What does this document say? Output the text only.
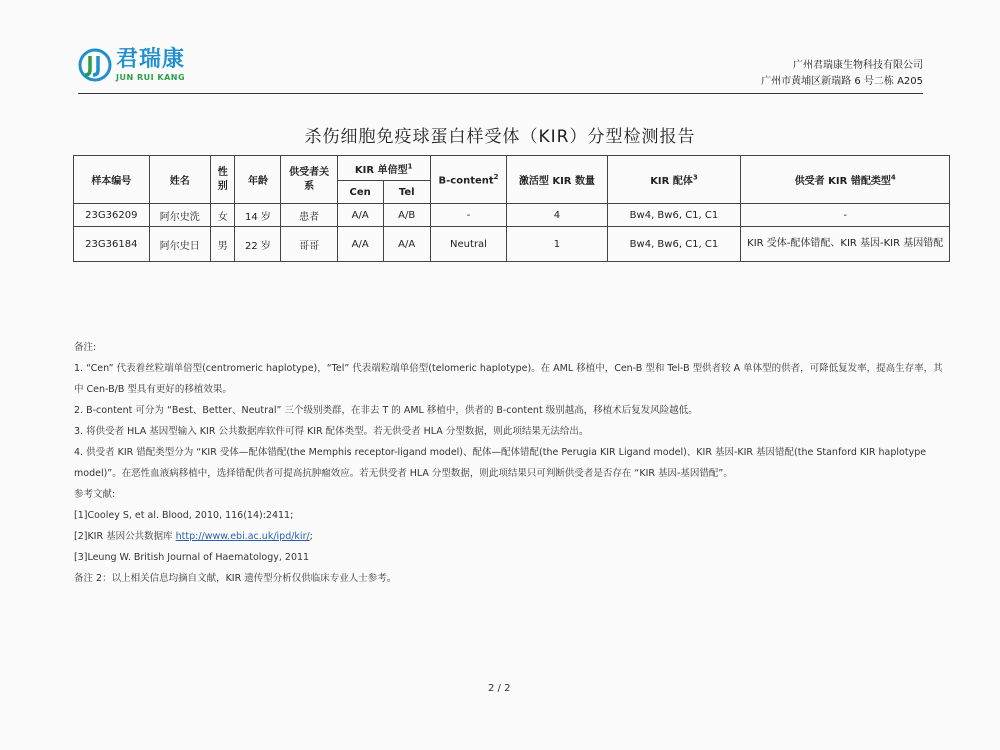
君瑞康
JUN RUI KANG
广州君瑞康生物科技有限公司
广州市黄埔区新瑞路 6 号二栋 A205
杀伤细胞免疫球蛋白样受体（KIR）分型检测报告
样本编号	姓名	性别	年龄	供受者关系	KIR 单倍型$^1$		B-content$^2$	激活型 KIR 数量	KIR 配体$^3$	供受者 KIR 错配类型$^4$
					Cen	Tel				
23G36209	阿尔史洗	女	14 岁	患者	A/A	A/B	-	4	Bw4, Bw6, C1, C1	-
23G36184	阿尔史日	男	22 岁	哥哥	A/A	A/A	Neutral	1	Bw4, Bw6, C1, C1	KIR 受体-配体错配、KIR 基因-KIR 基因错配

备注:

1. “Cen” 代表着丝粒端单倍型(centromeric haplotype)，“Tel” 代表端粒端单倍型(telomeric haplotype)。在 AML 移植中，Cen-B 型和 Tel-B 型供者较 A 单体型的供者，可降低复发率，提高生存率，其中 Cen-B/B 型具有更好的移植效果。

2. B-content 可分为 “Best、Better、Neutral” 三个级别类群，在非去 T 的 AML 移植中，供者的 B-content 级别越高，移植术后复发风险越低。

3. 将供受者 HLA 基因型输入 KIR 公共数据库软件可得 KIR 配体类型。若无供受者 HLA 分型数据，则此项结果无法给出。

4. 供受者 KIR 错配类型分为 “KIR 受体—配体错配(the Memphis receptor-ligand model)、配体—配体错配(the Perugia KIR Ligand model)、KIR 基因-KIR 基因错配(the Stanford KIR haplotype model)”。在恶性血液病移植中，选择错配供者可提高抗肿瘤效应。若无供受者 HLA 分型数据，则此项结果只可判断供受者是否存在 “KIR 基因-基因错配”。

参考文献:

[1]Cooley S, et al. Blood, 2010, 116(14):2411;

[2]KIR 基因公共数据库 http://www.ebi.ac.uk/ipd/kir/;

[3]Leung W. British Journal of Haematology, 2011

备注 2：以上相关信息均摘自文献，KIR 遗传型分析仅供临床专业人士参考。

2 / 2
